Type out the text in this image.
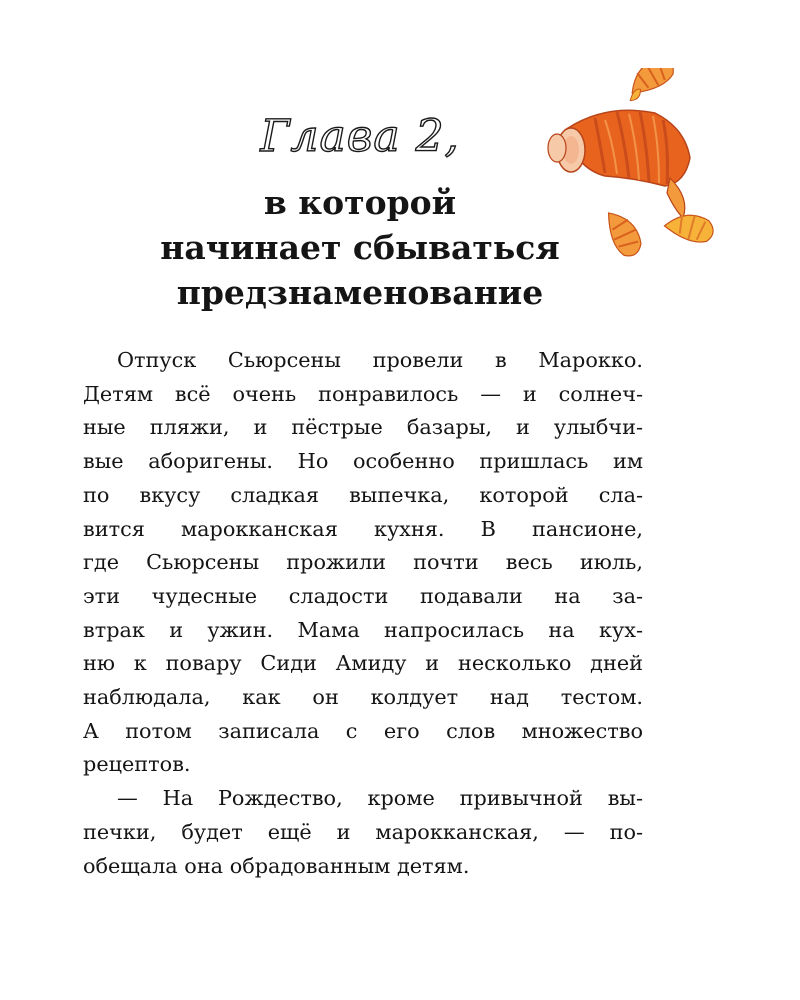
Глава 2,
в которой
начинает сбываться
предзнаменование
Отпуск Сьюрсены провели в Марокко.
Детям всё очень понравилось — и солнеч-
ные пляжи, и пёстрые базары, и улыбчи-
вые аборигены. Но особенно пришлась им
по вкусу сладкая выпечка, которой сла-
вится марокканская кухня. В пансионе,
где Сьюрсены прожили почти весь июль,
эти чудесные сладости подавали на за-
втрак и ужин. Мама напросилась на кух-
ню к повару Сиди Амиду и несколько дней
наблюдала, как он колдует над тестом.
А потом записала с его слов множество
рецептов.
— На Рождество, кроме привычной вы-
печки, будет ещё и марокканская, — по-
обещала она обрадованным детям.
